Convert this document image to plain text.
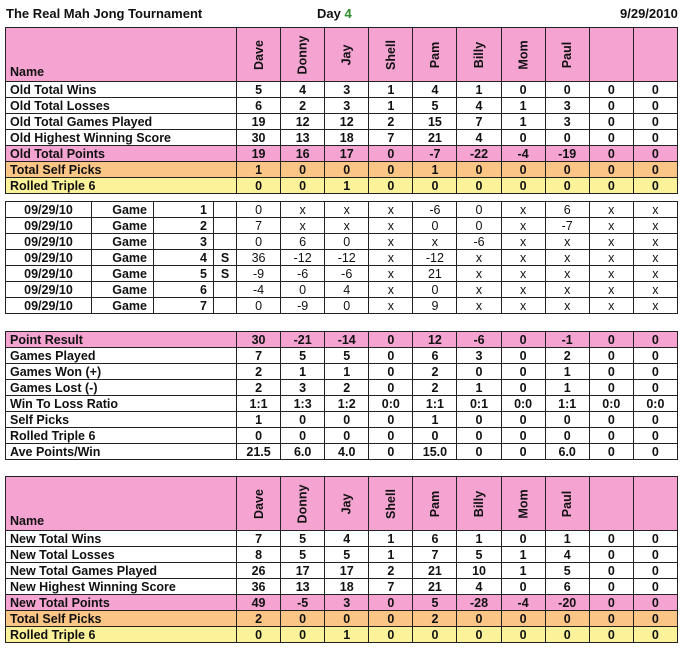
The Real Mah Jong Tournament	Day 4	9/29/2010
Name	Dave	Donny	Jay	Shell	Pam	Billy	Mom	Paul		
Old Total Wins	5	4	3	1	4	1	0	0	0	0
Old Total Losses	6	2	3	1	5	4	1	3	0	0
Old Total Games Played	19	12	12	2	15	7	1	3	0	0
Old Highest Winning Score	30	13	18	7	21	4	0	0	0	0
Old Total Points	19	16	17	0	-7	-22	-4	-19	0	0
Total Self Picks	1	0	0	0	1	0	0	0	0	0
Rolled Triple 6	0	0	1	0	0	0	0	0	0	0
09/29/10	Game	1		0	x	x	x	-6	0	x	6	x	x
09/29/10	Game	2		7	x	x	x	0	0	x	-7	x	x
09/29/10	Game	3		0	6	0	x	x	-6	x	x	x	x
09/29/10	Game	4	S	36	-12	-12	x	-12	x	x	x	x	x
09/29/10	Game	5	S	-9	-6	-6	x	21	x	x	x	x	x
09/29/10	Game	6		-4	0	4	x	0	x	x	x	x	x
09/29/10	Game	7		0	-9	0	x	9	x	x	x	x	x
Point Result	30	-21	-14	0	12	-6	0	-1	0	0
Games Played	7	5	5	0	6	3	0	2	0	0
Games Won (+)	2	1	1	0	2	0	0	1	0	0
Games Lost (-)	2	3	2	0	2	1	0	1	0	0
Win To Loss Ratio	1:1	1:3	1:2	0:0	1:1	0:1	0:0	1:1	0:0	0:0
Self Picks	1	0	0	0	1	0	0	0	0	0
Rolled Triple 6	0	0	0	0	0	0	0	0	0	0
Ave Points/Win	21.5	6.0	4.0	0	15.0	0	0	6.0	0	0
Name	Dave	Donny	Jay	Shell	Pam	Billy	Mom	Paul		
New Total Wins	7	5	4	1	6	1	0	1	0	0
New Total Losses	8	5	5	1	7	5	1	4	0	0
New Total Games Played	26	17	17	2	21	10	1	5	0	0
New Highest Winning Score	36	13	18	7	21	4	0	6	0	0
New Total Points	49	-5	3	0	5	-28	-4	-20	0	0
Total Self Picks	2	0	0	0	2	0	0	0	0	0
Rolled Triple 6	0	0	1	0	0	0	0	0	0	0
